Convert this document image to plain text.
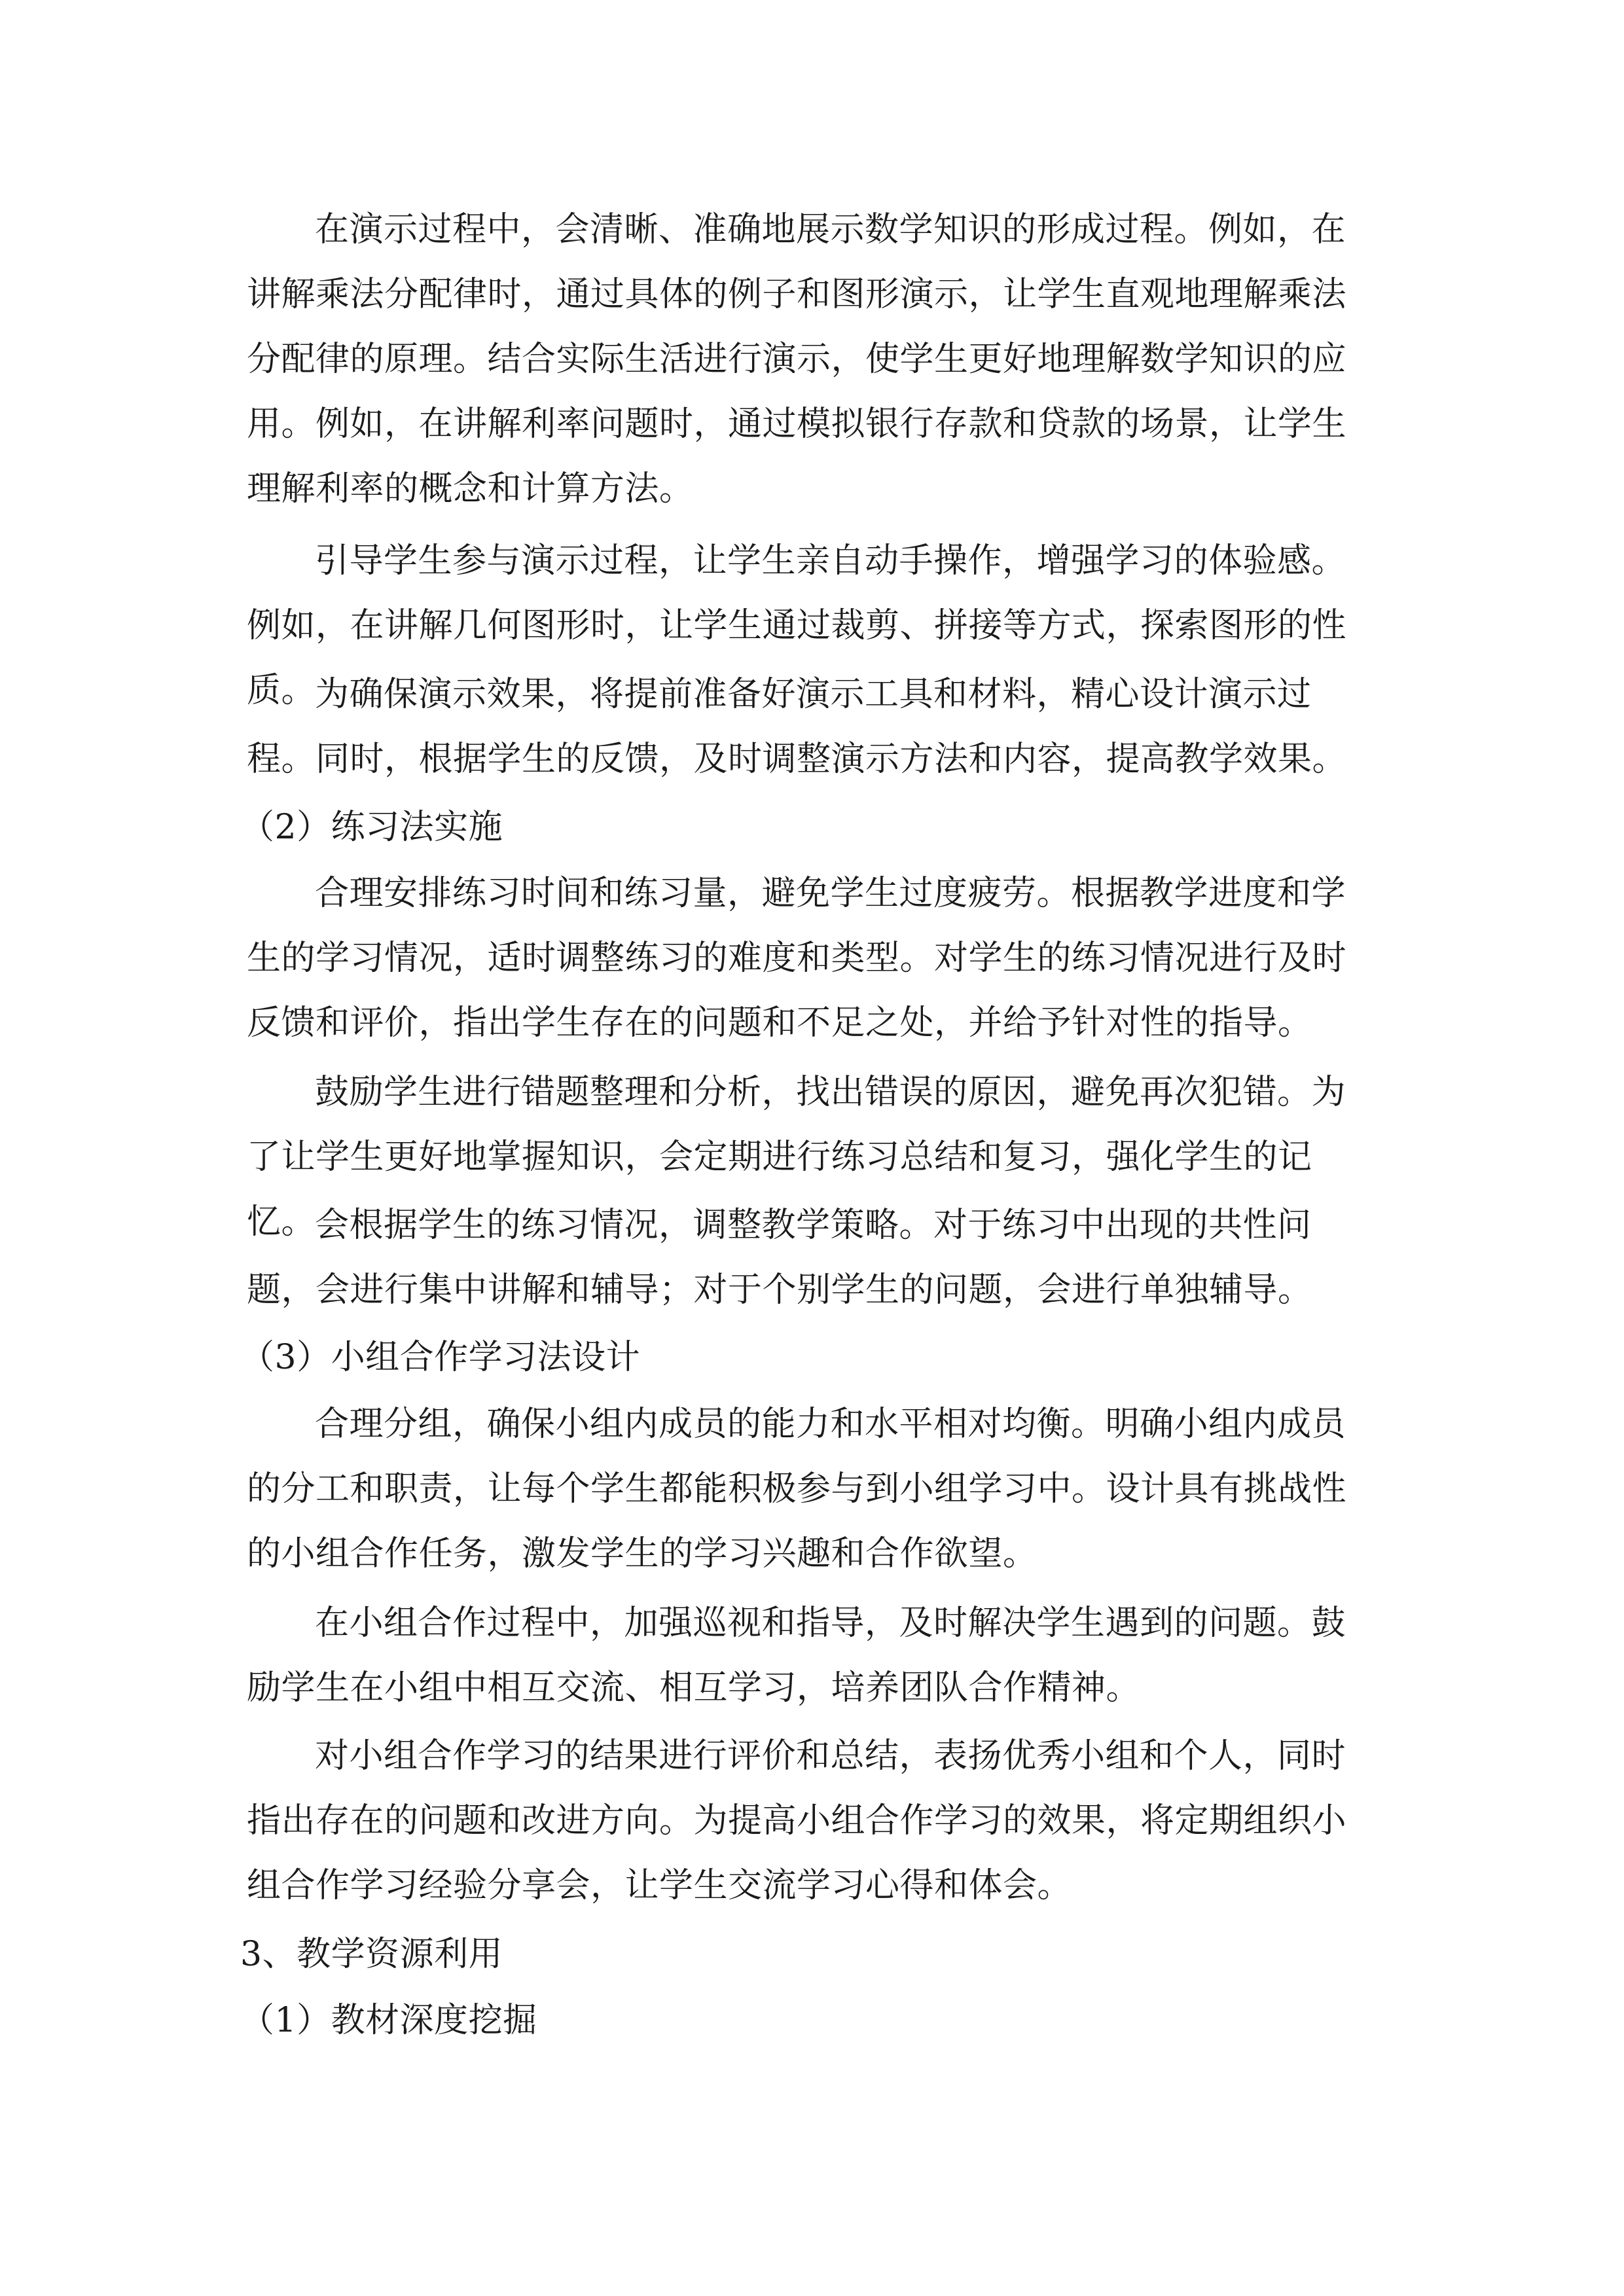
在演示过程中，会清晰、准确地展示数学知识的形成过程。例如，在讲解乘法分配律时，通过具体的例子和图形演示，让学生直观地理解乘法分配律的原理。结合实际生活进行演示，使学生更好地理解数学知识的应用。例如，在讲解利率问题时，通过模拟银行存款和贷款的场景，让学生理解利率的概念和计算方法。

引导学生参与演示过程，让学生亲自动手操作，增强学习的体验感。例如，在讲解几何图形时，让学生通过裁剪、拼接等方式，探索图形的性质。

为确保演示效果，将提前准备好演示工具和材料，精心设计演示过程。同时，根据学生的反馈，及时调整演示方法和内容，提高教学效果。

（2）练习法实施

合理安排练习时间和练习量，避免学生过度疲劳。根据教学进度和学生的学习情况，适时调整练习的难度和类型。对学生的练习情况进行及时反馈和评价，指出学生存在的问题和不足之处，并给予针对性的指导。

鼓励学生进行错题整理和分析，找出错误的原因，避免再次犯错。为了让学生更好地掌握知识，会定期进行练习总结和复习，强化学生的记忆。

会根据学生的练习情况，调整教学策略。对于练习中出现的共性问题，会进行集中讲解和辅导；对于个别学生的问题，会进行单独辅导。

（3）小组合作学习法设计

合理分组，确保小组内成员的能力和水平相对均衡。明确小组内成员的分工和职责，让每个学生都能积极参与到小组学习中。设计具有挑战性的小组合作任务，激发学生的学习兴趣和合作欲望。

在小组合作过程中，加强巡视和指导，及时解决学生遇到的问题。鼓励学生在小组中相互交流、相互学习，培养团队合作精神。

对小组合作学习的结果进行评价和总结，表扬优秀小组和个人，同时指出存在的问题和改进方向。为提高小组合作学习的效果，将定期组织小组合作学习经验分享会，让学生交流学习心得和体会。

3、教学资源利用

（1）教材深度挖掘
